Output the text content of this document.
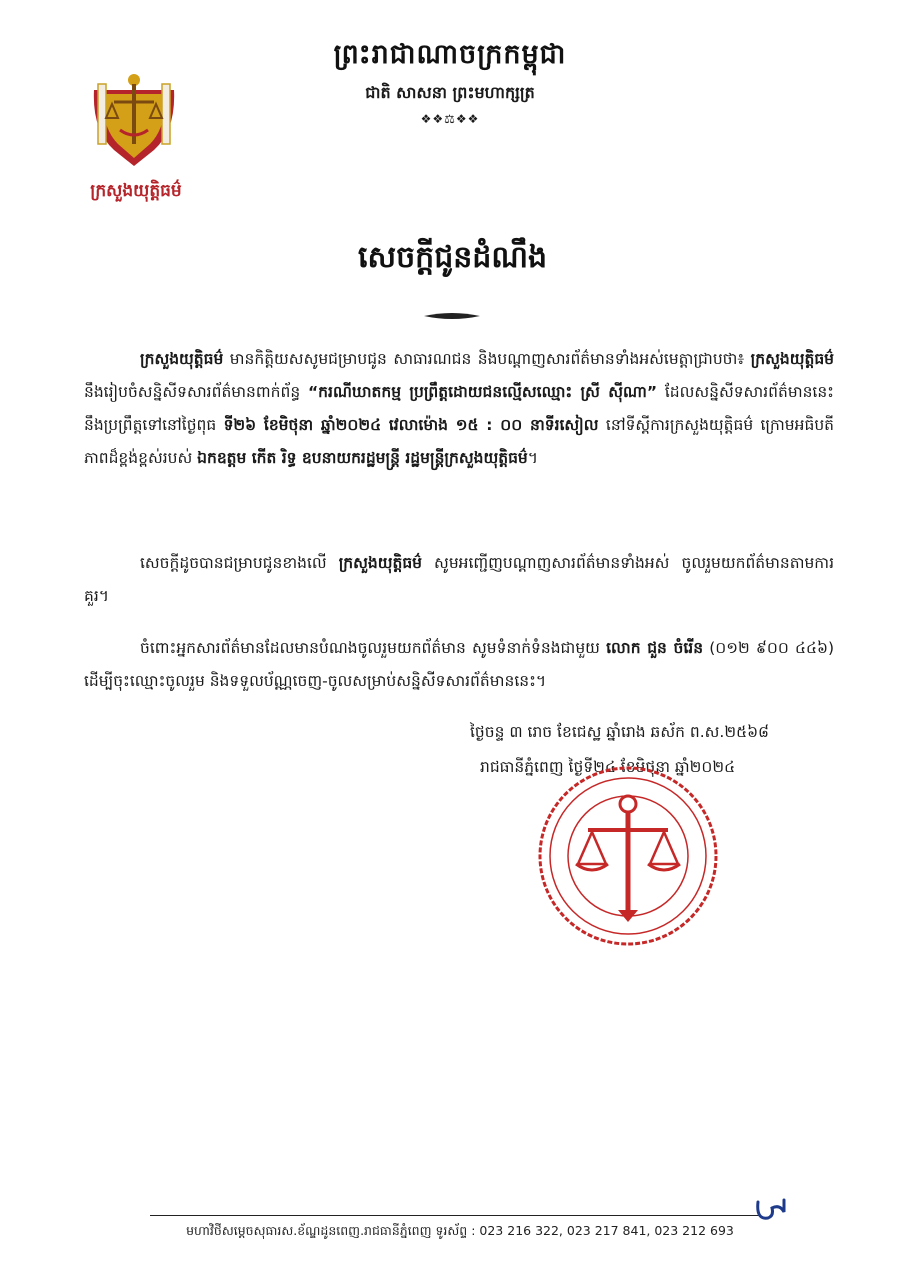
ព្រះរាជាណាចក្រកម្ពុជា
ជាតិ សាសនា ព្រះមហាក្សត្រ
❖❖⚖❖❖
ក្រសួងយុត្តិធម៌
សេចក្ដីជូនដំណឹង
ក្រសួងយុត្តិធម៌ មានកិត្តិយសសូមជម្រាបជូន សាធារណជន និងបណ្តាញសារព័ត៌មានទាំងអស់មេត្តាជ្រាបថា៖ ក្រសួងយុត្តិធម៌ នឹងរៀបចំសន្និសីទសារព័ត៌មានពាក់ព័ន្ធ “ករណីឃាតកម្ម ប្រព្រឹត្តដោយជនល្មើសឈ្មោះ ស្រី ស៊ីណា” ដែលសន្និសីទសារព័ត៌មាននេះ នឹងប្រព្រឹត្តទៅនៅថ្ងៃពុធ ទី២៦ ខែមិថុនា ឆ្នាំ២០២៤ វេលាម៉ោង ១៥ : ០០ នាទីរសៀល នៅទីស្ដីការក្រសួងយុត្តិធម៌ ក្រោមអធិបតីភាពដ៏ខ្ពង់ខ្ពស់របស់ ឯកឧត្តម កើត រិទ្ធ ឧបនាយករដ្ឋមន្ត្រី រដ្ឋមន្ត្រីក្រសួងយុត្តិធម៌។
សេចក្ដីដូចបានជម្រាបជូនខាងលើ ក្រសួងយុត្តិធម៌ សូមអញ្ជើញបណ្តាញសារព័ត៌មានទាំងអស់ ចូលរួមយកព័ត៌មានតាមការគួរ។
ចំពោះអ្នកសារព័ត៌មានដែលមានបំណងចូលរួមយកព័ត៌មាន សូមទំនាក់ទំនងជាមួយ លោក ជួន ចំរើន (០១២ ៩០០ ៤៤៦) ដើម្បីចុះឈ្មោះចូលរួម និងទទួលប័ណ្ណចេញ-ចូលសម្រាប់សន្និសីទសារព័ត៌មាននេះ។
ថ្ងៃចន្ទ ៣ រោច ខែជេស្ឋ ឆ្នាំរោង ឆស័ក ព.ស.២៥៦៨
រាជធានីភ្នំពេញ ថ្ងៃទី២៤ ខែមិថុនា ឆ្នាំ២០២៤
មហាវិថីសម្តេចសុធារស.ខ័ណ្ឌដូនពេញ.រាជធានីភ្នំពេញ ទូរស័ព្ទ : 023 216 322, 023 217 841, 023 212 693
